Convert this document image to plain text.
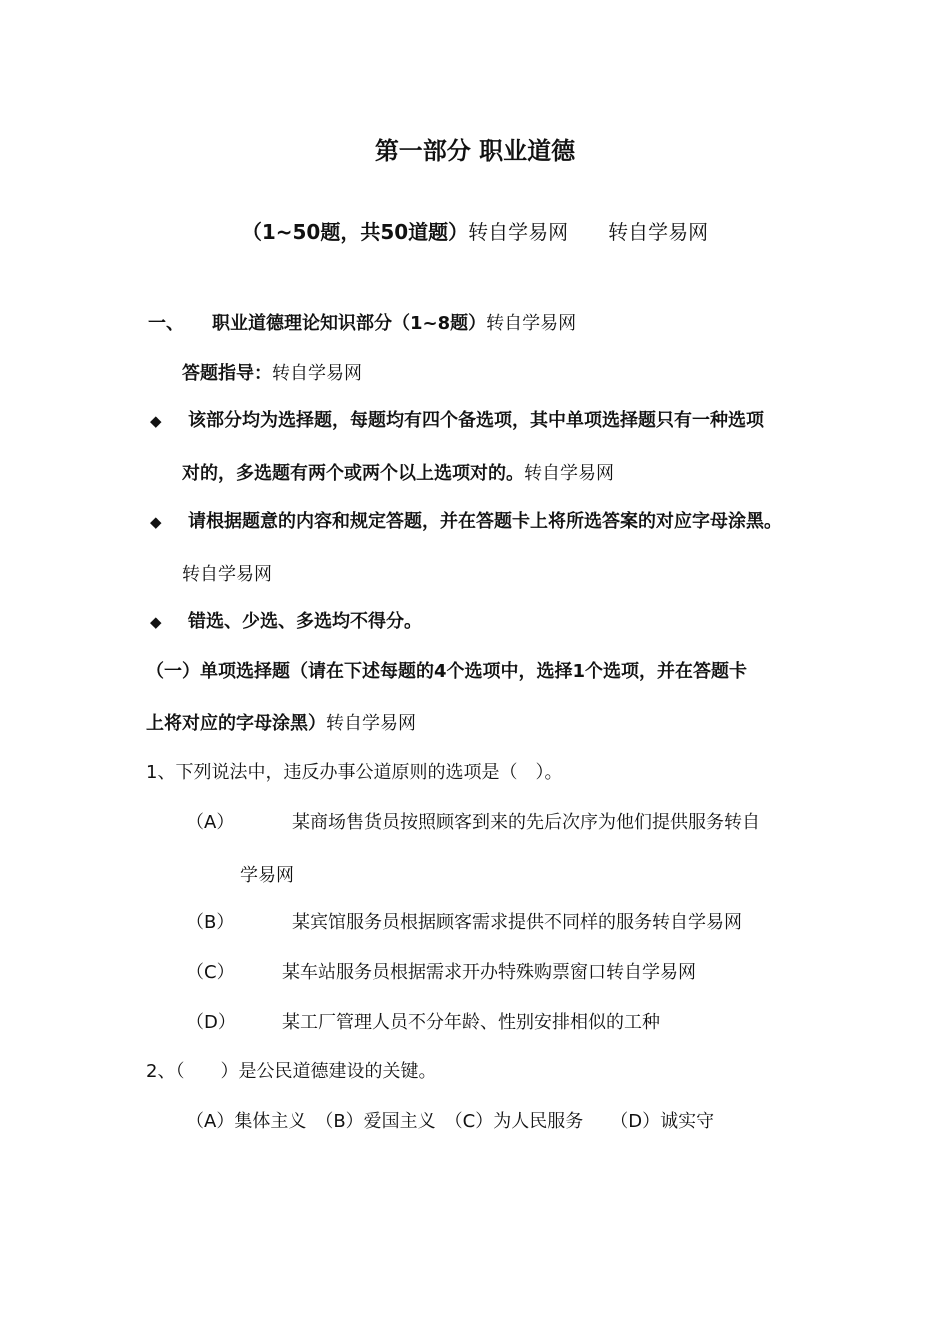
第一部分 职业道德
（1~50题，共50道题）转自学易网　　转自学易网
一、 职业道德理论知识部分（1~8题）转自学易网
答题指导：转自学易网
◆ 该部分均为选择题，每题均有四个备选项，其中单项选择题只有一种选项
对的，多选题有两个或两个以上选项对的。转自学易网
◆ 请根据题意的内容和规定答题，并在答题卡上将所选答案的对应字母涂黑。
转自学易网
◆ 错选、少选、多选均不得分。
（一）单项选择题（请在下述每题的4个选项中，选择1个选项，并在答题卡
上将对应的字母涂黑）转自学易网
1、下列说法中，违反办事公道原则的选项是（　）。
（A）	某商场售货员按照顾客到来的先后次序为他们提供服务转自
学易网
（B）	某宾馆服务员根据顾客需求提供不同样的服务转自学易网
（C）	某车站服务员根据需求开办特殊购票窗口转自学易网
（D）	某工厂管理人员不分年龄、性别安排相似的工种
2、（　　）是公民道德建设的关键。
（A）集体主义　（B）爱国主义　（C）为人民服务　　（D）诚实守
